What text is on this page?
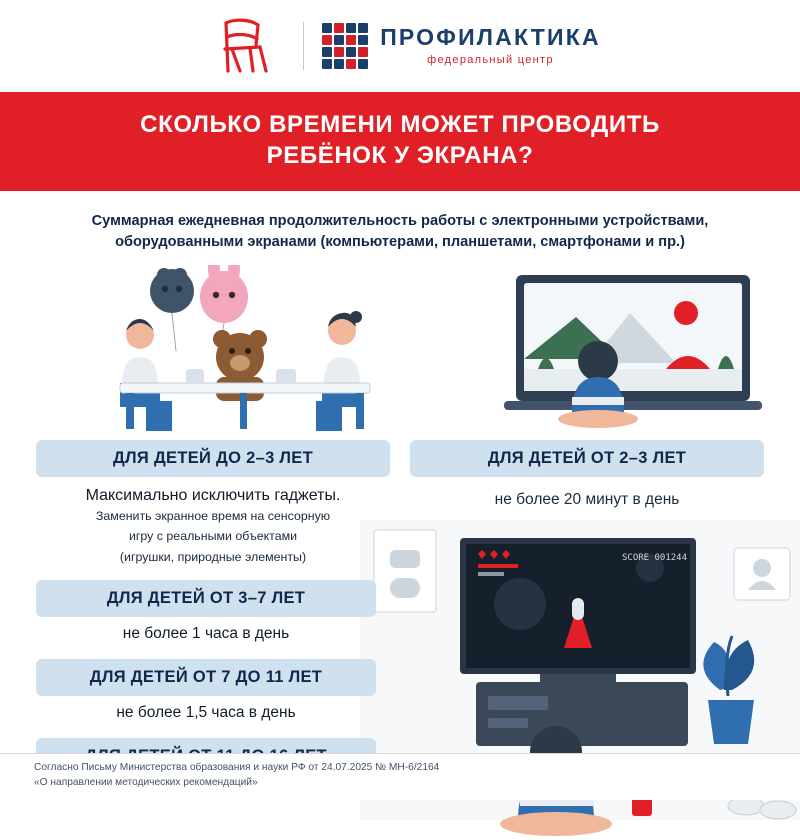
ПРОФИЛАКТИКА
федеральный центр
СКОЛЬКО ВРЕМЕНИ МОЖЕТ ПРОВОДИТЬ
РЕБЁНОК У ЭКРАНА?
Суммарная ежедневная продолжительность работы с электронными устройствами,
оборудованными экранами (компьютерами, планшетами, смартфонами и пр.)
ДЛЯ ДЕТЕЙ ДО 2–3 ЛЕТ
Максимально исключить гаджеты.
Заменить экранное время на сенсорную
игру с реальными объектами
(игрушки, природные элементы)
ДЛЯ ДЕТЕЙ ОТ 2–3 ЛЕТ
не более 20 минут в день
SCORE 001244
ДЛЯ ДЕТЕЙ ОТ 3–7 ЛЕТ
не более 1 часа в день
ДЛЯ ДЕТЕЙ ОТ 7 ДО 11 ЛЕТ
не более 1,5 часа в день
Согласно Письму Министерства образования и науки РФ от 24.07.2025 № МН-6/2164
«О направлении методических рекомендаций»
